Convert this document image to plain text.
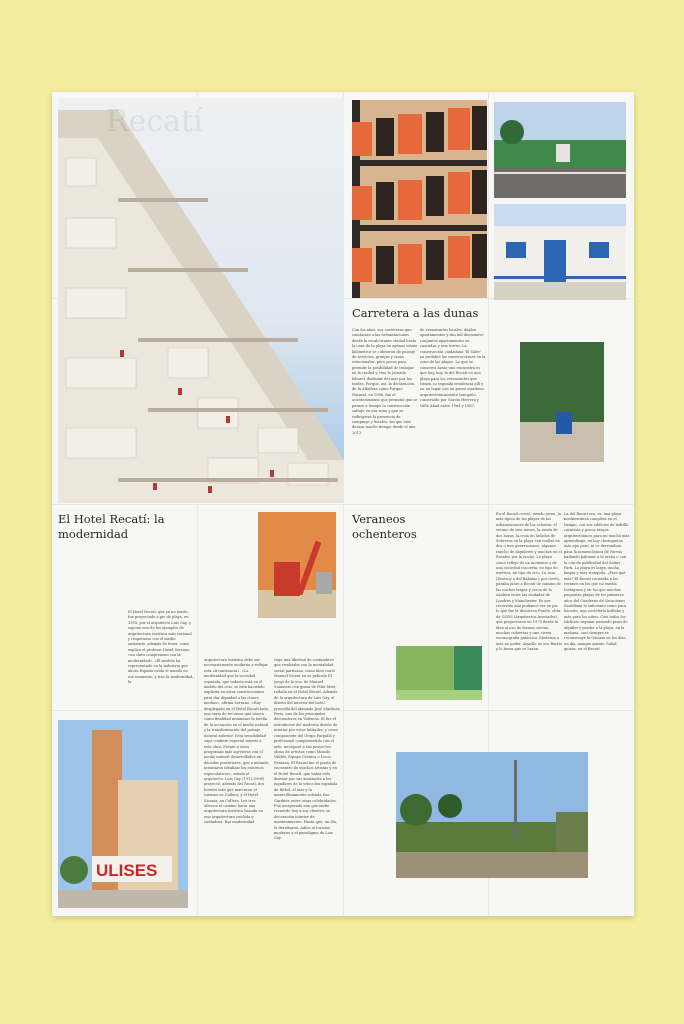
Recatí
ULISES
Carretera a las dunas
Con los años, sus carreteras que conducían a las urbanizaciones desde la recalcitrante ciudad hasta la casa de la playa en apenas veinte kilómetros se cubrieron de paisaje de servicios, granjas y casas estacionales, pero pocas para permitir la posibilidad de trabajar en la ciudad y, tras la jornada laboral, disfrutar del mar por las tardes. Porque, así, la declaración de la Albufera como Parque Natural, en 1986, fue el acontecimiento que permitió que se parase a tiempo la construcción salvaje en esa zona y que se redirigiera la presencia de campings y hoteles, sin que esto durara mucho tiempo desde el año 2013.
de veraneantes locales, dúplex apartamentos y dos mil diecinueve conjuntos apartamentos en cascadas y seis torres. La construcción ciudadana 'El Saler' ya prohibió las construcciones en la zona de las playas. Lo que se conserva hasta uno encuentra es que hay, hoy, la del Recatí en una playa para los veraneantes que tienen su segunda residencia allí y en un lugar con un paseo marítimo arquitectónicamente tranquilo, construido por García Herrera y Valle Abad entre 1964 y 1967.
El Hotel Recatí: la modernidad
El Hotel Recatí, que ya no existe, fue proyectado a pie de playa, en 1955, por el arquitecto Luis Gay, y supone uno de los ejemplos de arquitectura turística más racional y respetuosa con el medio ambiente, además de tener, como explica el profesor David Serrano, «un claro compromiso con la modernidad». «El modelo ha representado en la industria que ahora España cuida el mundo en ese momento, y tras la modernidad, la
arquitectura turística debe ser necesariamente moderna y reflejar esta circunstancia». «La modernidad que la sociedad española, que todavía está en el ámbito del ocio, se está haciendo explícita en estas construcciones para dar dignidad a las clases medias», afirma Serrano. «Hay desplegado en el Hotel Recatí toda una serie de recursos que tienen como finalidad minimizar la huella de la actuación en el medio natural y la transformación del paisaje natural anterior. Esta sensibilidad suya confiere especial interés a este obra. Frente a otros programas más agresivos con el medio natural desarrollados en décadas posteriores, que a menudo intentaron idealizar los entornos especulativos», señala el arquitecto. Luis Gay (1912-1996) proyectó, además del Recatí, dos hoteles más que marcaron el turismo en Cullera, y el Hotel Sicania, en Cullera. Los tres ofrecen el camino hacia una arquitectura turística basada en una arquitectura cuidada y cuidadosa. Esa modernidad
traje una libertad de costumbres que rivalizaba con la mentalidad social partisana, como bien contó Manuel Vicent en su película El juego de la oca, de Manuel Summers con guion de Pilar Miró, rodada en el Hotel Recatí. Además de la arquitectura de Luis Gay, el diseño del interior del hotel procedía del afamado José Martínez Peris, uno de los principales decoradores en Valencia. El fue el introductor del moderno diseño de interior por estas latitudes, y como componente del Grupo Parpalló y profesional comprometido con el arte, incorporó a sus proyectos obras de artistas como Manolo Valdés, Equipo Crónica o Lucio Fontana. El Recatí fue el punto de encuentro de muchos artistas y en el Hotel Recatí, que había sido diseñar por sus amistades a los jugadores de la selección española de fútbol, el mar y la maravillosamente soleada Sue Gardner, entre otras celebridades. Fue inesperado aún que nadie recuerde hoy a sus clientes, su decoración interior de mantenimiento. Hasta que, un día, lo derribaron. Adiós al turismo moderno y al paradigma de Luis Gay.
Veraneos ochenteros
En el Recatí creció, siendo joven, la más típica de las playas de las urbanizaciones de los ochenta: el verano de tres meses, la siesta de dos horas, la cena de helados de Sobreros en la playa con toallas en dos o tres generaciones, algunos rancho de alquileres y muchos en el Rosaleo por la noche. La playa como reflejo de un momento y de una sociedad concreta: en tipo de estética, un tipo de ocio. La ruta (Destroy o del Bakalao), por cierto, pasaba junto a Recatí de camino de las noches largas y cerca de la Azulera entre las ciudades de Londres y Manchester. Es por recorrido aún podemos ver en pie lo que fue la discoteca Puzzle, obra de GODS (Arquitectos Asociados), que proyectaron en 1970 desde la idea al uso de formas curvas, muchas cubiertas y una cierra escenografía galáctica. Moderna a más no poder. Aquello no era Barrio y lo fuera que se harán.
La del Recatí era, es, una playa mediterránea completa en el tiempo, con sus edificios de ladrillo caravista y pocos rasgos arquitectónicos para un mucho más aprendizaje, en hoy chiringuitos más apo pero, ni se derrumban, pasa la nomenclatura de Nirvas bailando palomas a la arena o con la cita de publicidad del Safari Park. La playa es larga, ancha, limpia y muy tranquila. ¿Para qué más? El Recatí recuerda a los veranos en los que no existía Instagram y en los que muchas pequeñas playas de los primeros años del Cuaderno de Vacaciones Santillana lo suficiente como para hacerlo, una coctelería brillaba y más para los niños. Casi todos los edificios seguían teniendo pisos de alquiler y perder a la playa, en la mañana, casi siempre se reconstruye la Galaxia en los días, un día, aunque quizás. Salud, quizás, en el Recatí.
